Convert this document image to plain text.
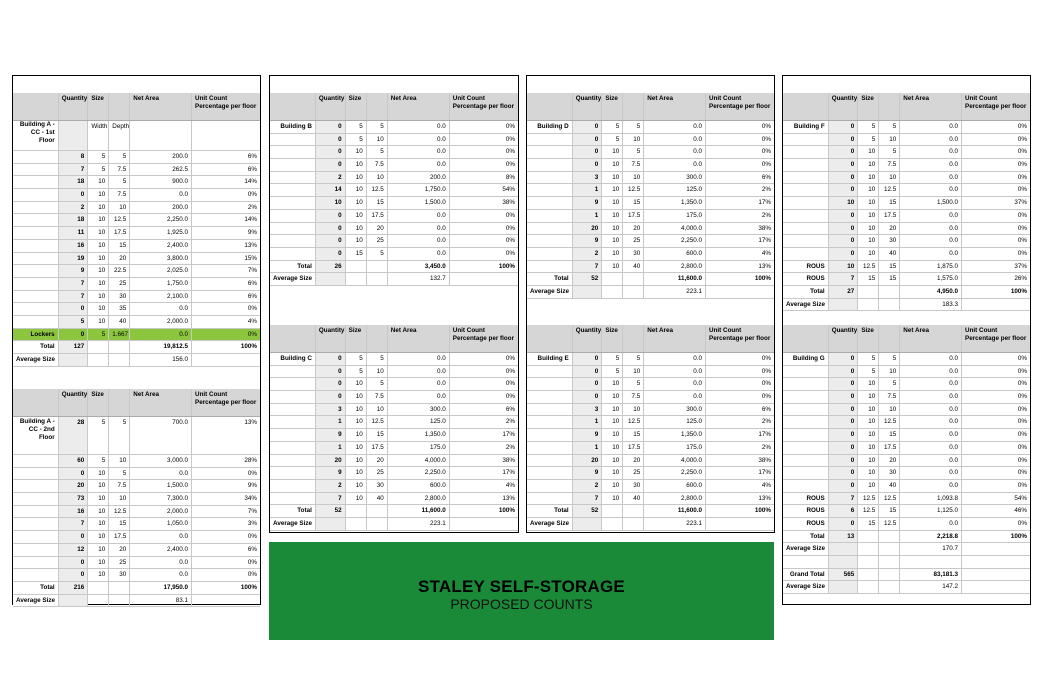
STALEY SELF-STORAGE
PROPOSED COUNTS
Quantity Size	Net Area	Unit Count Percentage per floor
Building A - CC - 1st Floor
Width Depth
8	5	5	200.0	6%
7	5	7.5	262.5	6%
18	10	5	900.0	14%
0	10	7.5	0.0	0%
2	10	10	200.0	2%
18	10	12.5	2,250.0	14%
11	10	17.5	1,925.0	9%
16	10	15	2,400.0	13%
19	10	20	3,800.0	15%
9	10	22.5	2,025.0	7%
7	10	25	1,750.0	6%
7	10	30	2,100.0	6%
0	10	35	0.0	0%
5	10	40	2,000.0	4%
Lockers	0	5	1.667	0.0	0%
Total	127	19,812.5	100%
Average Size	156.0
Quantity Size	Net Area	Unit Count Percentage per floor
Building A - CC - 2nd Floor
28	5	5	700.0	13%
60	5	10	3,000.0	28%
0	10	5	0.0	0%
20	10	7.5	1,500.0	9%
73	10	10	7,300.0	34%
16	10	12.5	2,000.0	7%
7	10	15	1,050.0	3%
0	10	17.5	0.0	0%
12	10	20	2,400.0	6%
0	10	25	0.0	0%
0	10	30	0.0	0%
Total	216	17,950.0	100%
Average Size	83.1
Quantity Size	Net Area	Unit Count Percentage per floor
Building B	0	5	5	0.0	0%
0	5	10	0.0	0%
0	10	5	0.0	0%
0	10	7.5	0.0	0%
2	10	10	200.0	8%
14	10	12.5	1,750.0	54%
10	10	15	1,500.0	38%
0	10	17.5	0.0	0%
0	10	20	0.0	0%
0	10	25	0.0	0%
0	15	5	0.0	0%
Total	26	3,450.0	100%
Average Size	132.7
Quantity Size	Net Area	Unit Count Percentage per floor
Building C	0	5	5	0.0	0%
0	5	10	0.0	0%
0	10	5	0.0	0%
0	10	7.5	0.0	0%
3	10	10	300.0	6%
1	10	12.5	125.0	2%
9	10	15	1,350.0	17%
1	10	17.5	175.0	2%
20	10	20	4,000.0	38%
9	10	25	2,250.0	17%
2	10	30	600.0	4%
7	10	40	2,800.0	13%
Total	52	11,600.0	100%
Average Size	223.1
Quantity Size	Net Area	Unit Count Percentage per floor
Building D	0	5	5	0.0	0%
0	5	10	0.0	0%
0	10	5	0.0	0%
0	10	7.5	0.0	0%
3	10	10	300.0	6%
1	10	12.5	125.0	2%
9	10	15	1,350.0	17%
1	10	17.5	175.0	2%
20	10	20	4,000.0	38%
9	10	25	2,250.0	17%
2	10	30	600.0	4%
7	10	40	2,800.0	13%
Total	52	11,600.0	100%
Average Size	223.1
Quantity Size	Net Area	Unit Count Percentage per floor
Building E	0	5	5	0.0	0%
0	5	10	0.0	0%
0	10	5	0.0	0%
0	10	7.5	0.0	0%
3	10	10	300.0	6%
1	10	12.5	125.0	2%
9	10	15	1,350.0	17%
1	10	17.5	175.0	2%
20	10	20	4,000.0	38%
9	10	25	2,250.0	17%
2	10	30	600.0	4%
7	10	40	2,800.0	13%
Total	52	11,600.0	100%
Average Size	223.1
Quantity Size	Net Area	Unit Count Percentage per floor
Building F	0	5	5	0.0	0%
0	5	10	0.0	0%
0	10	5	0.0	0%
0	10	7.5	0.0	0%
0	10	10	0.0	0%
0	10	12.5	0.0	0%
10	10	15	1,500.0	37%
0	10	17.5	0.0	0%
0	10	20	0.0	0%
0	10	30	0.0	0%
0	10	40	0.0	0%
ROUS	10	12.5	15	1,875.0	37%
ROUS	7	15	15	1,575.0	26%
Total	27	4,950.0	100%
Average Size	183.3
Quantity Size	Net Area	Unit Count Percentage per floor
Building G	0	5	5	0.0	0%
0	5	10	0.0	0%
0	10	5	0.0	0%
0	10	7.5	0.0	0%
0	10	10	0.0	0%
0	10	12.5	0.0	0%
0	10	15	0.0	0%
0	10	17.5	0.0	0%
0	10	20	0.0	0%
0	10	30	0.0	0%
0	10	40	0.0	0%
ROUS	7	12.5	12.5	1,093.8	54%
ROUS	6	12.5	15	1,125.0	46%
ROUS	0	15	12.5	0.0	0%
Total	13	2,218.8	100%
Average Size	170.7
Grand Total	565	83,181.3
Average Size	147.2
